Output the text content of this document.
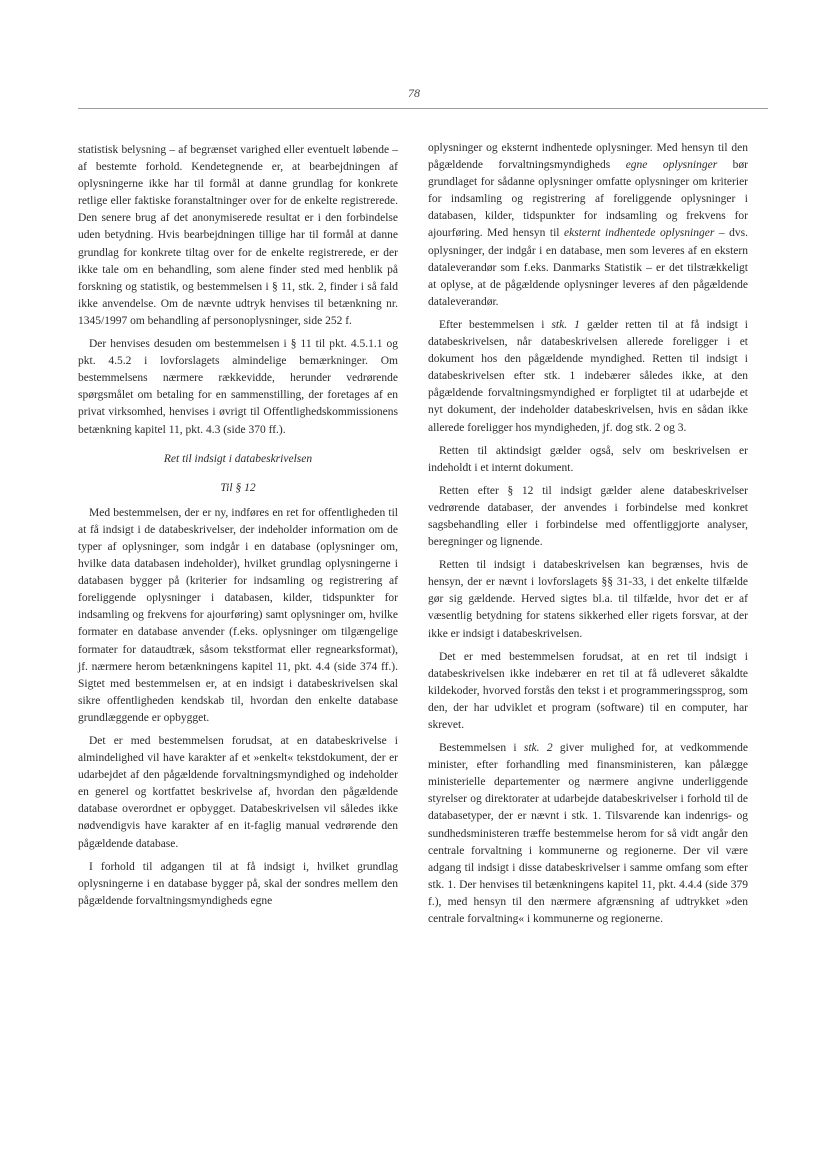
78

statistisk belysning – af begrænset varighed eller eventuelt løbende – af bestemte forhold. Kendetegnende er, at bearbejdningen af oplysningerne ikke har til formål at danne grundlag for konkrete retlige eller faktiske foranstaltninger over for de enkelte registrerede. Den senere brug af det anonymiserede resultat er i den forbindelse uden betydning. Hvis bearbejdningen tillige har til formål at danne grundlag for konkrete tiltag over for de enkelte registrerede, er der ikke tale om en behandling, som alene finder sted med henblik på forskning og statistik, og bestemmelsen i § 11, stk. 2, finder i så fald ikke anvendelse. Om de nævnte udtryk henvises til betænkning nr. 1345/1997 om behandling af personoplysninger, side 252 f.

Der henvises desuden om bestemmelsen i § 11 til pkt. 4.5.1.1 og pkt. 4.5.2 i lovforslagets almindelige bemærkninger. Om bestemmelsens nærmere rækkevidde, herunder vedrørende spørgsmålet om betaling for en sammenstilling, der foretages af en privat virksomhed, henvises i øvrigt til Offentlighedskommissionens betænkning kapitel 11, pkt. 4.3 (side 370 ff.).

Ret til indsigt i databeskrivelsen
Til § 12

Med bestemmelsen, der er ny, indføres en ret for offentligheden til at få indsigt i de databeskrivelser, der indeholder information om de typer af oplysninger, som indgår i en database (oplysninger om, hvilke data databasen indeholder), hvilket grundlag oplysningerne i databasen bygger på (kriterier for indsamling og registrering af foreliggende oplysninger i databasen, kilder, tidspunkter for indsamling og frekvens for ajourføring) samt oplysninger om, hvilke formater en database anvender (f.eks. oplysninger om tilgængelige formater for dataudtræk, såsom tekstformat eller regnearksformat), jf. nærmere herom betænkningens kapitel 11, pkt. 4.4 (side 374 ff.). Sigtet med bestemmelsen er, at en indsigt i databeskrivelsen skal sikre offentligheden kendskab til, hvordan den enkelte database grundlæggende er opbygget.

Det er med bestemmelsen forudsat, at en databeskrivelse i almindelighed vil have karakter af et »enkelt« tekstdokument, der er udarbejdet af den pågældende forvaltningsmyndighed og indeholder en generel og kortfattet beskrivelse af, hvordan den pågældende database overordnet er opbygget. Databeskrivelsen vil således ikke nødvendigvis have karakter af en it-faglig manual vedrørende den pågældende database.

I forhold til adgangen til at få indsigt i, hvilket grundlag oplysningerne i en database bygger på, skal der sondres mellem den pågældende forvaltningsmyndigheds egne

oplysninger og eksternt indhentede oplysninger. Med hensyn til den pågældende forvaltningsmyndigheds egne oplysninger bør grundlaget for sådanne oplysninger omfatte oplysninger om kriterier for indsamling og registrering af foreliggende oplysninger i databasen, kilder, tidspunkter for indsamling og frekvens for ajourføring. Med hensyn til eksternt indhentede oplysninger – dvs. oplysninger, der indgår i en database, men som leveres af en ekstern dataleverandør som f.eks. Danmarks Statistik – er det tilstrækkeligt at oplyse, at de pågældende oplysninger leveres af den pågældende dataleverandør.

Efter bestemmelsen i stk. 1 gælder retten til at få indsigt i databeskrivelsen, når databeskrivelsen allerede foreligger i et dokument hos den pågældende myndighed. Retten til indsigt i databeskrivelsen efter stk. 1 indebærer således ikke, at den pågældende forvaltningsmyndighed er forpligtet til at udarbejde et nyt dokument, der indeholder databeskrivelsen, hvis en sådan ikke allerede foreligger hos myndigheden, jf. dog stk. 2 og 3.

Retten til aktindsigt gælder også, selv om beskrivelsen er indeholdt i et internt dokument.

Retten efter § 12 til indsigt gælder alene databeskrivelser vedrørende databaser, der anvendes i forbindelse med konkret sagsbehandling eller i forbindelse med offentliggjorte analyser, beregninger og lignende.

Retten til indsigt i databeskrivelsen kan begrænses, hvis de hensyn, der er nævnt i lovforslagets §§ 31-33, i det enkelte tilfælde gør sig gældende. Herved sigtes bl.a. til tilfælde, hvor det er af væsentlig betydning for statens sikkerhed eller rigets forsvar, at der ikke er indsigt i databeskrivelsen.

Det er med bestemmelsen forudsat, at en ret til indsigt i databeskrivelsen ikke indebærer en ret til at få udleveret såkaldte kildekoder, hvorved forstås den tekst i et programmeringssprog, som den, der har udviklet et program (software) til en computer, har skrevet.

Bestemmelsen i stk. 2 giver mulighed for, at vedkommende minister, efter forhandling med finansministeren, kan pålægge ministerielle departementer og nærmere angivne underliggende styrelser og direktorater at udarbejde databeskrivelser i forhold til de databasetyper, der er nævnt i stk. 1. Tilsvarende kan indenrigs- og sundhedsministeren træffe bestemmelse herom for så vidt angår den centrale forvaltning i kommunerne og regionerne. Der vil være adgang til indsigt i disse databeskrivelser i samme omfang som efter stk. 1. Der henvises til betænkningens kapitel 11, pkt. 4.4.4 (side 379 f.), med hensyn til den nærmere afgrænsning af udtrykket »den centrale forvaltning« i kommunerne og regionerne.
